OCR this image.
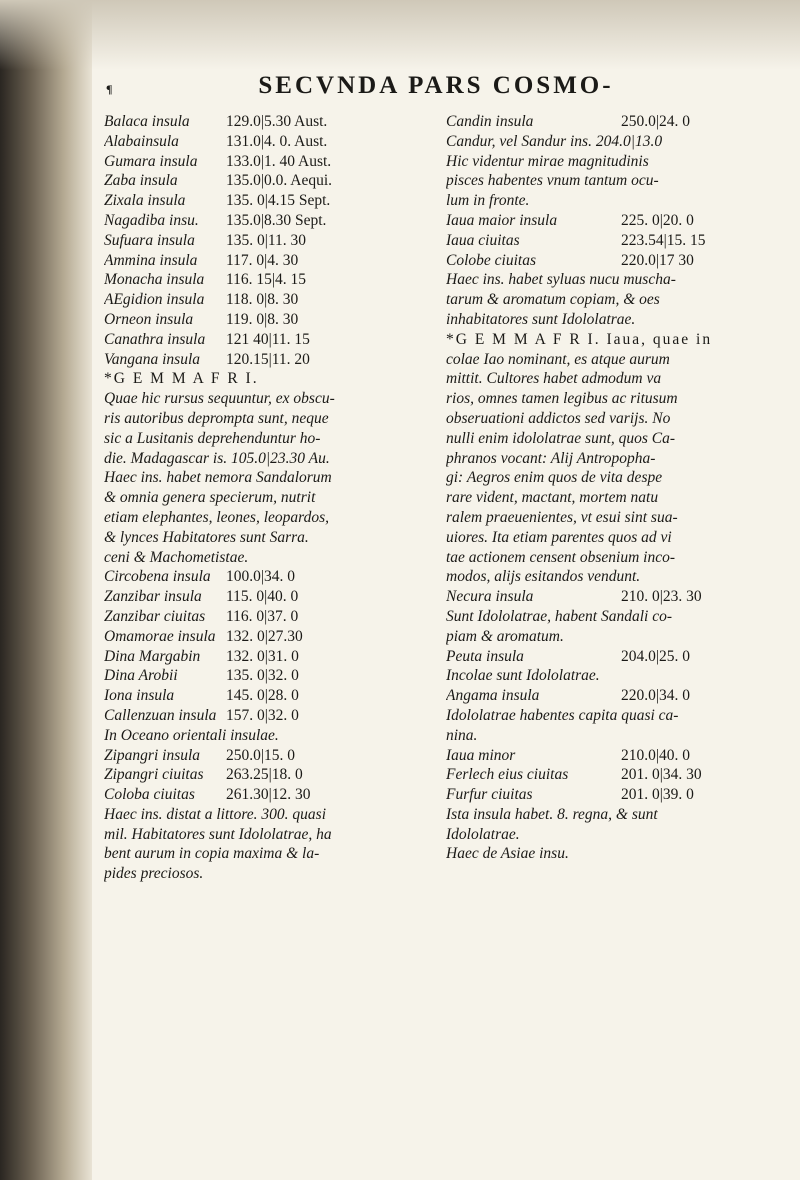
¶	SECVNDA PARS COSMO-
Balaca insula	129.0|5.30 Aust.
Alabainsula	131.0|4. 0. Aust.
Gumara insula	133.0|1. 40 Aust.
Zaba insula	135.0|0.0. Aequi.
Zixala insula	135. 0|4.15 Sept.
Nagadiba insu.	135.0|8.30 Sept.
Sufuara insula	135. 0|11. 30
Ammina insula	117. 0|4. 30
Monacha insula	116. 15|4. 15
AEgidion insula	118. 0|8. 30
Orneon insula	119. 0|8. 30
Canathra insula	121 40|11. 15
Vangana insula	120.15|11. 20
*G E M M A F R I.
Quae hic rursus sequuntur, ex obscu-
ris autoribus deprompta sunt, neque
sic a Lusitanis deprehenduntur ho-
die. Madagascar is. 105.0|23.30 Au.
Haec ins. habet nemora Sandalorum
& omnia genera specierum, nutrit
etiam elephantes, leones, leopardos,
& lynces Habitatores sunt Sarra.
ceni & Machometistae.
Circobena insula 100.0|34. 0
Zanzibar insula	115. 0|40. 0
Zanzibar ciuitas	116. 0|37. 0
Omamorae insula 132. 0|27.30
Dina Margabin	132. 0|31. 0
Dina Arobii	135. 0|32. 0
Iona insula	145. 0|28. 0
Callenzuan insula 157. 0|32. 0
In Oceano orientali insulae.
Zipangri insula	250.0|15. 0
Zipangri ciuitas	263.25|18. 0
Coloba ciuitas	261.30|12. 30
Haec ins. distat a littore. 300. quasi
mil. Habitatores sunt Idololatrae, ha
bent aurum in copia maxima & la-
pides preciosos.
Candin insula	250.0|24. 0
Candur, vel Sandur ins. 204.0|13.0
Hic videntur mirae magnitudinis
pisces habentes vnum tantum ocu-
lum in fronte.
Iaua maior insula	225. 0|20. 0
Iaua ciuitas	223.54|15. 15
Colobe ciuitas	220.0|17 30
Haec ins. habet syluas nucu muscha-
tarum & aromatum copiam, & oes
inhabitatores sunt Idololatrae.
*G E M M A F R I. Iaua, quae in
colae Iao nominant, es atque aurum
mittit. Cultores habet admodum va
rios, omnes tamen legibus ac ritusum
obseruationi addictos sed varijs. No
nulli enim idololatrae sunt, quos Ca-
phranos vocant: Alij Antropopha-
gi: Aegros enim quos de vita despe
rare vident, mactant, mortem natu
ralem praeuenientes, vt esui sint sua-
uiores. Ita etiam parentes quos ad vi
tae actionem censent obsenium inco-
modos, alijs esitandos vendunt.
Necura insula	210. 0|23. 30
Sunt Idololatrae, habent Sandali co-
piam & aromatum.
Peuta insula	204.0|25. 0
Incolae sunt Idololatrae.
Angama insula	220.0|34. 0
Idololatrae habentes capita quasi ca-
nina.
Iaua minor	210.0|40. 0
Ferlech eius ciuitas	201. 0|34. 30
Furfur ciuitas	201. 0|39. 0
Ista insula habet. 8. regna, & sunt
Idololatrae.
Haec de Asiae insu.
